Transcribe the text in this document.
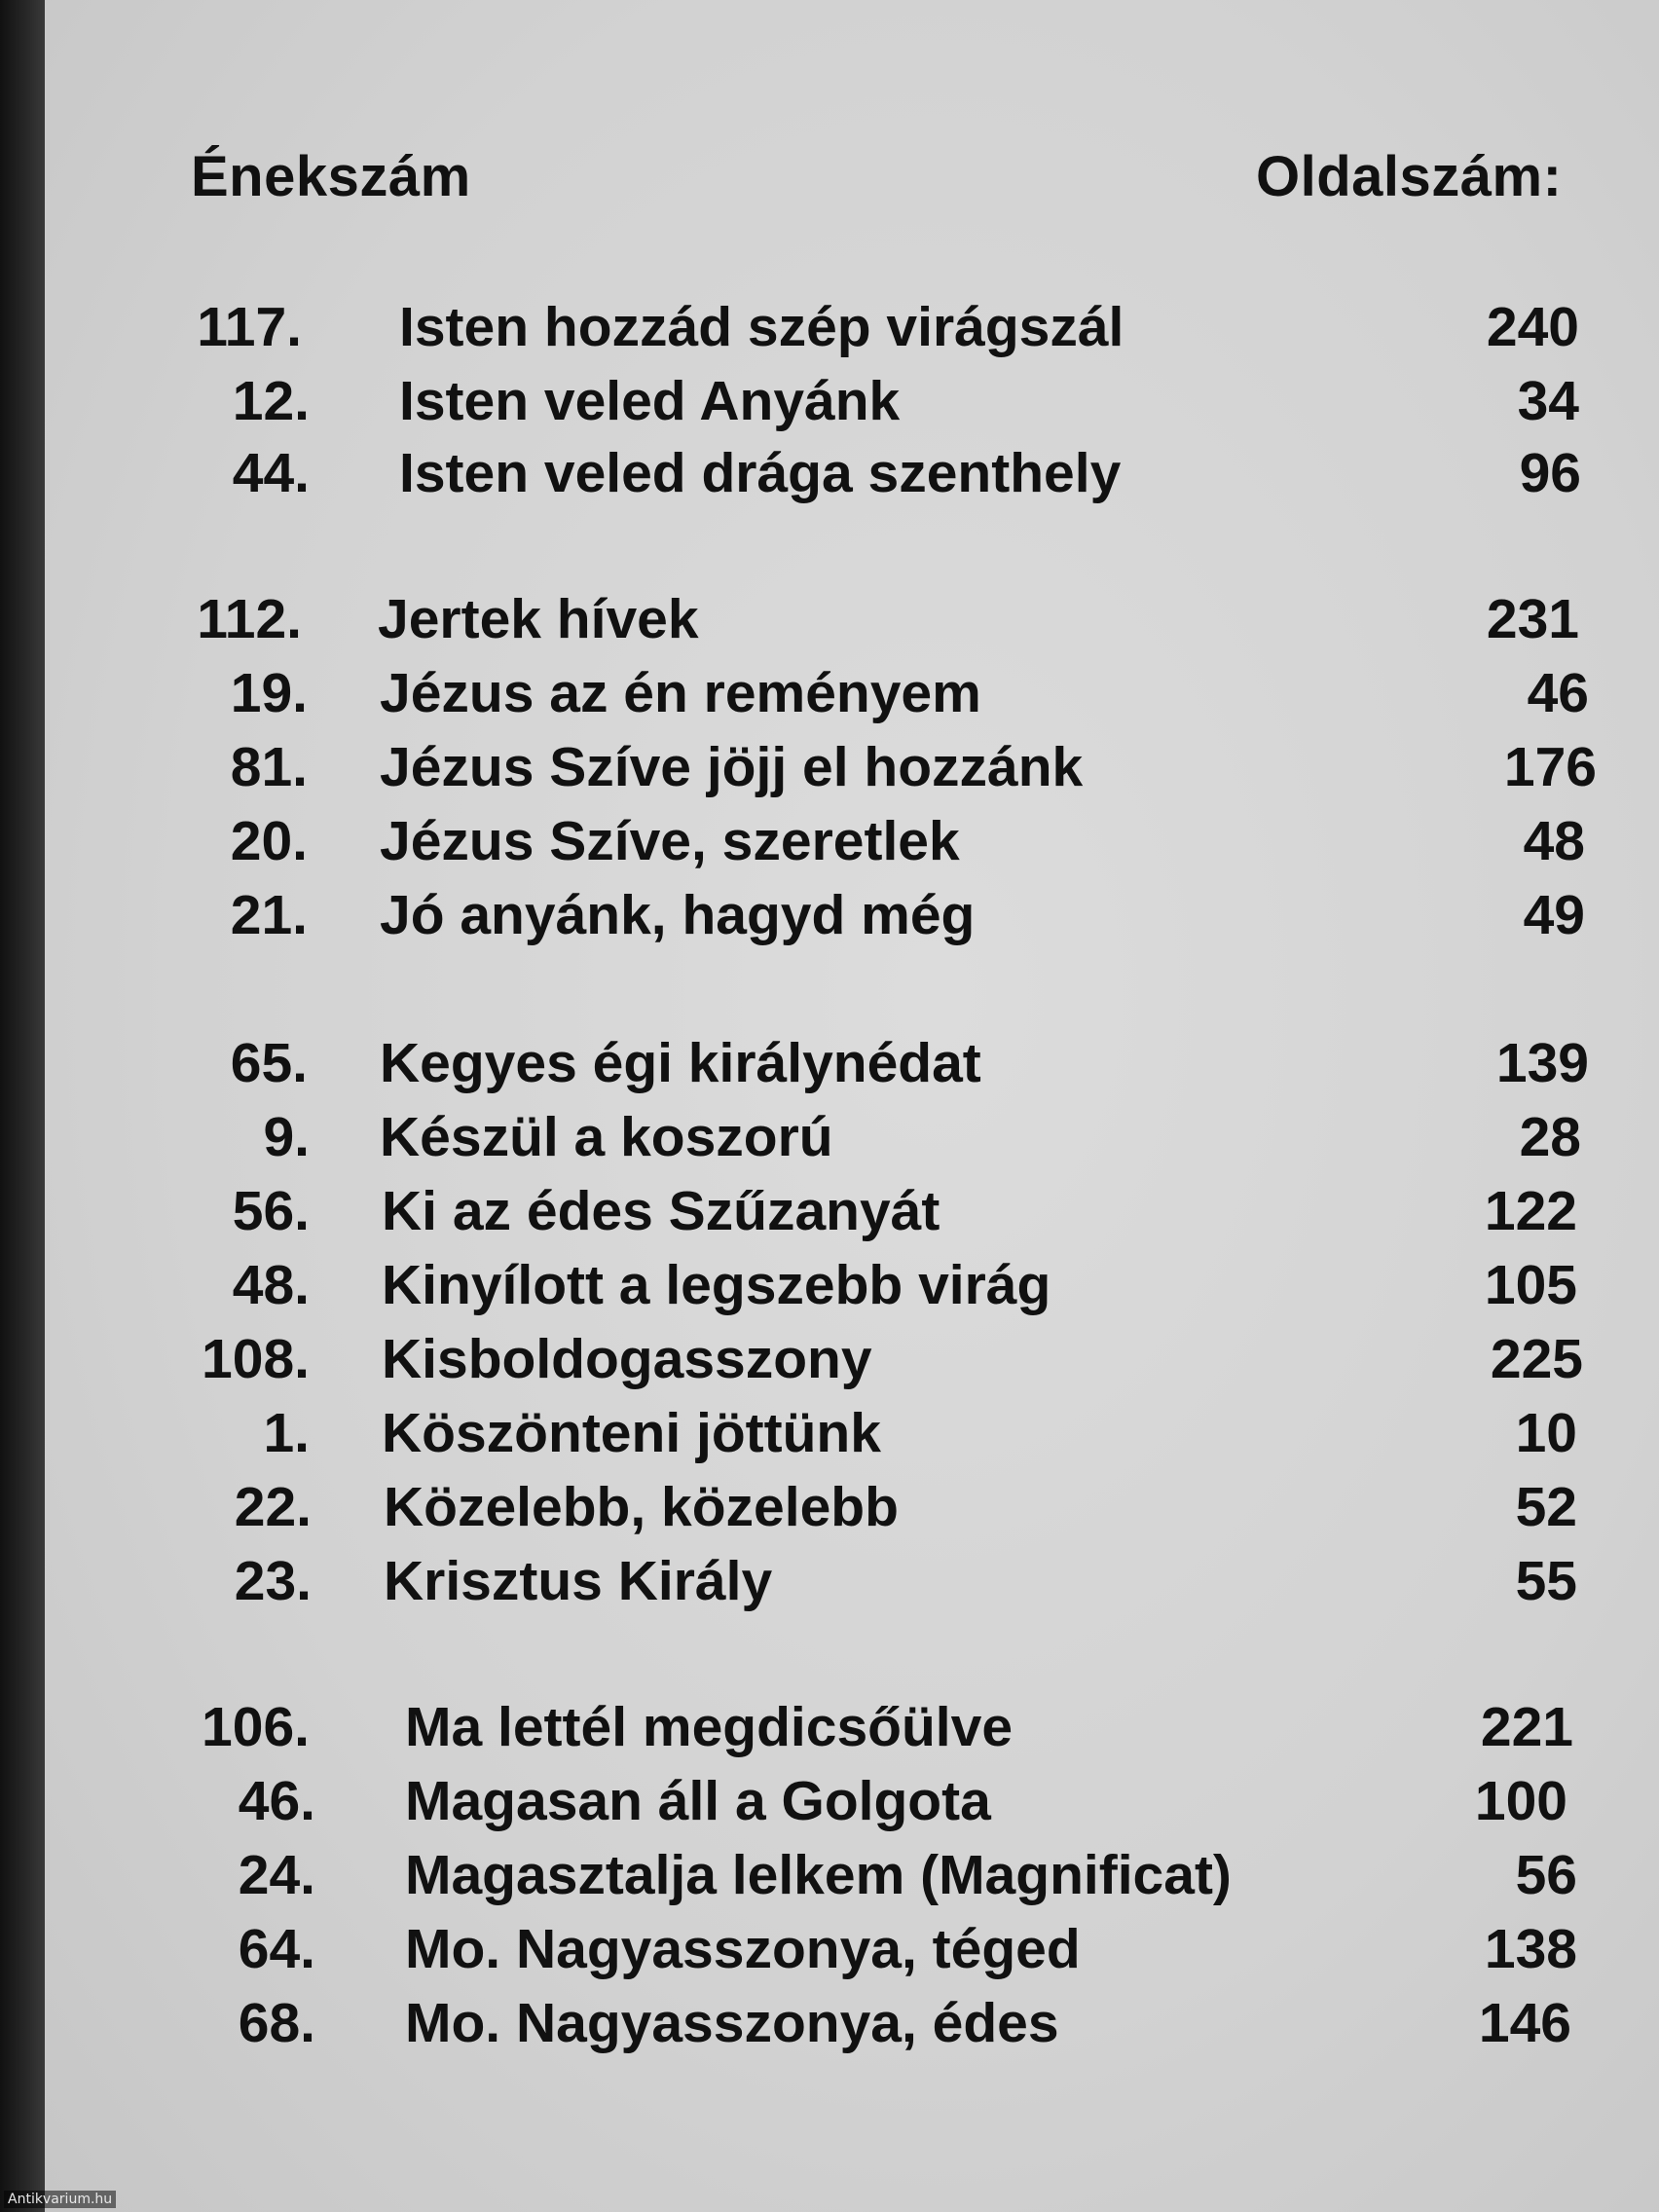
Énekszám	Oldalszám:
117. Isten hozzád szép virágszál	240
12. Isten veled Anyánk	34
44. Isten veled drága szenthely	96
112. Jertek hívek	231
19. Jézus az én reményem	46
81. Jézus Szíve jöjj el hozzánk	176
20. Jézus Szíve, szeretlek	48
21. Jó anyánk, hagyd még	49
65. Kegyes égi királynédat	139
9. Készül a koszorú	28
56. Ki az édes Szűzanyát	122
48. Kinyílott a legszebb virág	105
108. Kisboldogasszony	225
1. Köszönteni jöttünk	10
22. Közelebb, közelebb	52
23. Krisztus Király	55
106. Ma lettél megdicsőülve	221
46. Magasan áll a Golgota	100
24. Magasztalja lelkem (Magnificat)	56
64. Mo. Nagyasszonya, téged	138
68. Mo. Nagyasszonya, édes	146
Antikvarium.hu
